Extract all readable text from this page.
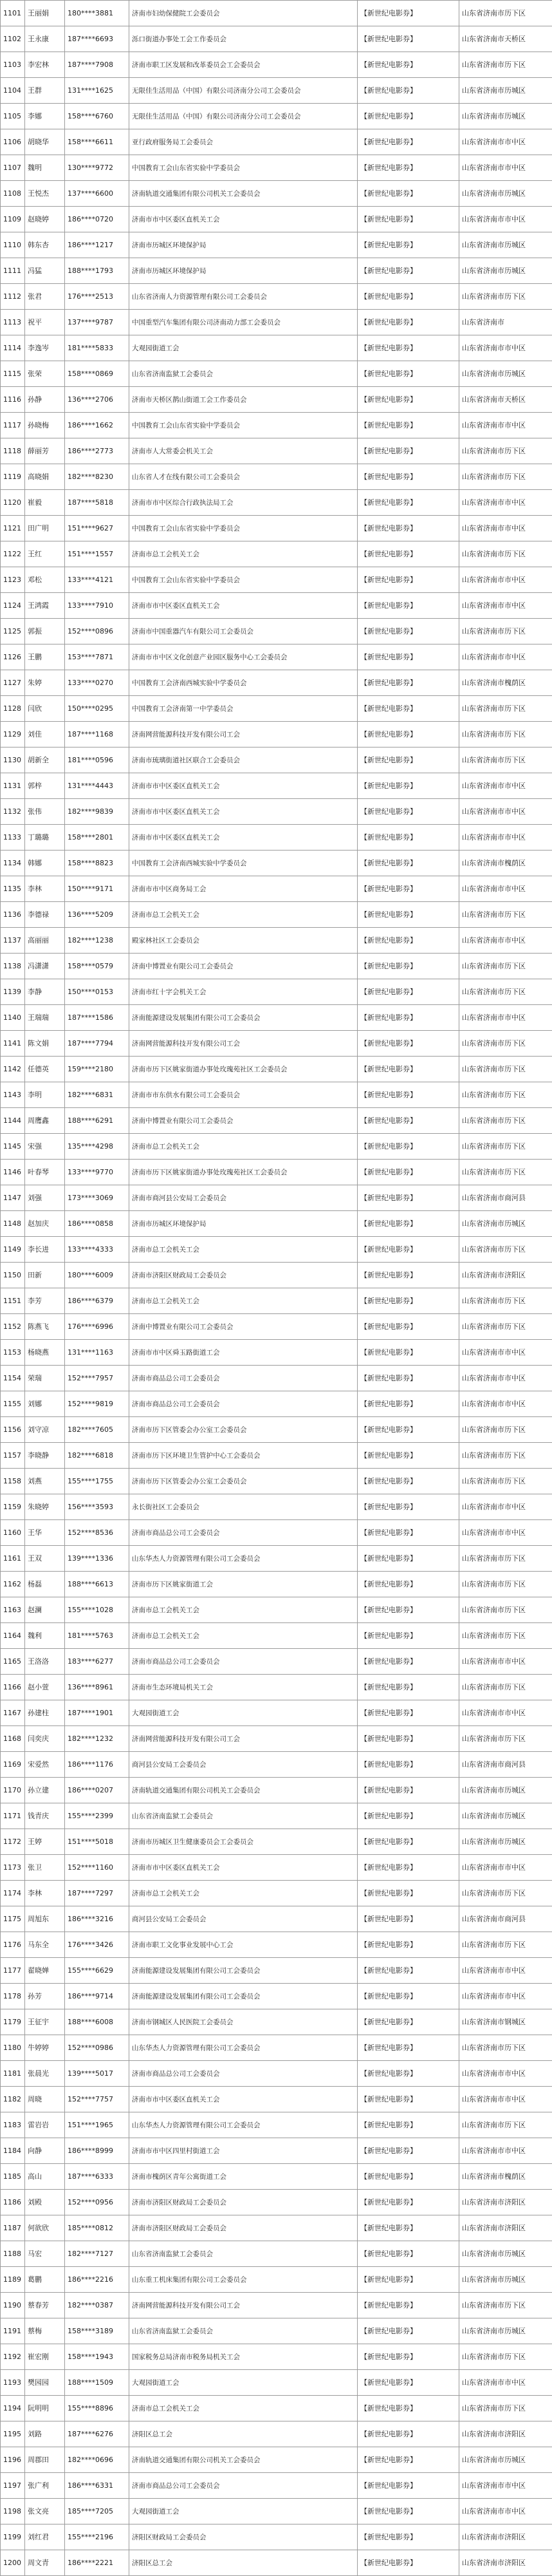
1101	王丽娟	180****3881	济南市妇幼保健院工会委员会	【新世纪电影券】	山东省济南市历下区
1102	王永康	187****6693	泺口街道办事处工会工作委员会	【新世纪电影券】	山东省济南市天桥区
1103	李宏林	187****7908	济南市职工区发展和改革委员会工会委员会	【新世纪电影券】	山东省济南市历下区
1104	王群	131****1625	无限佳生活用品（中国）有限公司济南分公司工会委员会	【新世纪电影券】	山东省济南市历城区
1105	李娜	158****6760	无限佳生活用品（中国）有限公司济南分公司工会委员会	【新世纪电影券】	山东省济南市历城区
1106	胡晓华	158****6611	亚行政府服务局工会委员会	【新世纪电影券】	山东省济南市市中区
1107	魏明	130****9772	中国教育工会山东省实验中学委员会	【新世纪电影券】	山东省济南市市中区
1108	王悦杰	137****6600	济南轨道交通集团有限公司机关工会委员会	【新世纪电影券】	山东省济南市历城区
1109	赵晓婷	186****0720	济南市市中区委区直机关工会	【新世纪电影券】	山东省济南市市中区
1110	韩东杏	186****1217	济南市历城区环境保护局	【新世纪电影券】	山东省济南市历城区
1111	冯猛	188****1793	济南市历城区环境保护局	【新世纪电影券】	山东省济南市历城区
1112	张君	176****2513	山东省济南人力资源管理有限公司工会委员会	【新世纪电影券】	山东省济南市历下区
1113	祝平	137****9787	中国重型汽车集团有限公司济南动力部工会委员会	【新世纪电影券】	山东省济南市
1114	李逸岑	181****5833	大观园街道工会	【新世纪电影券】	山东省济南市市中区
1115	张荣	158****0869	山东省济南监狱工会委员会	【新世纪电影券】	山东省济南市历城区
1116	孙静	136****2706	济南市天桥区鹊山街道工会工作委员会	【新世纪电影券】	山东省济南市天桥区
1117	孙晓梅	186****1662	中国教育工会山东省实验中学委员会	【新世纪电影券】	山东省济南市市中区
1118	薛丽芳	186****2773	济南市人大常委会机关工会	【新世纪电影券】	山东省济南市历下区
1119	高晓娟	182****8230	山东省人才在线有限公司工会委员会	【新世纪电影券】	山东省济南市历下区
1120	崔毅	187****5818	济南市市中区综合行政执法局工会	【新世纪电影券】	山东省济南市市中区
1121	田广明	151****9627	中国教育工会山东省实验中学委员会	【新世纪电影券】	山东省济南市市中区
1122	王红	151****1557	济南市总工会机关工会	【新世纪电影券】	山东省济南市历下区
1123	邓松	133****4121	中国教育工会山东省实验中学委员会	【新世纪电影券】	山东省济南市市中区
1124	王鸿霞	133****7910	济南市市中区委区直机关工会	【新世纪电影券】	山东省济南市市中区
1125	郭振	152****0896	济南市中国重器汽车有限公司工会委员会	【新世纪电影券】	山东省济南市历下区
1126	王鹏	153****7871	济南市市中区文化创意产业园区服务中心工会委员会	【新世纪电影券】	山东省济南市市中区
1127	朱婷	133****0270	中国教育工会济南西城实验中学委员会	【新世纪电影券】	山东省济南市槐荫区
1128	闫欣	150****0295	中国教育工会济南第一中学委员会	【新世纪电影券】	山东省济南市历下区
1129	刘佳	187****1168	济南网营能源科技开发有限公司工会	【新世纪电影券】	山东省济南市历下区
1130	胡新全	181****0596	济南市琉璃街道社区联合工会委员会	【新世纪电影券】	山东省济南市历下区
1131	郭梓	131****4443	济南市市中区委区直机关工会	【新世纪电影券】	山东省济南市市中区
1132	张伟	182****9839	济南市市中区委区直机关工会	【新世纪电影券】	山东省济南市市中区
1133	丁璐璐	158****2801	济南市市中区委区直机关工会	【新世纪电影券】	山东省济南市市中区
1134	韩娜	158****8823	中国教育工会济南西城实验中学委员会	【新世纪电影券】	山东省济南市槐荫区
1135	李林	150****9171	济南市市中区商务局工会	【新世纪电影券】	山东省济南市市中区
1136	李德禄	136****5209	济南市总工会机关工会	【新世纪电影券】	山东省济南市历下区
1137	高丽丽	182****1238	殿家林社区工会委员会	【新世纪电影券】	山东省济南市市中区
1138	冯潇潇	158****0579	济南中博置业有限公司工会委员会	【新世纪电影券】	山东省济南市历下区
1139	李静	150****0153	济南市红十字会机关工会	【新世纪电影券】	山东省济南市历下区
1140	王瑞瑞	187****1586	济南能源建设发展集团有限公司工会委员会	【新世纪电影券】	山东省济南市市中区
1141	陈文娟	187****7794	济南网营能源科技开发有限公司工会	【新世纪电影券】	山东省济南市历下区
1142	任德英	159****2180	济南市历下区姚家街道办事处玫瑰苑社区工会委员会	【新世纪电影券】	山东省济南市历下区
1143	李明	182****6831	济南市市东供水有限公司工会委员会	【新世纪电影券】	山东省济南市历下区
1144	周鹰鑫	188****6291	济南中博置业有限公司工会委员会	【新世纪电影券】	山东省济南市历下区
1145	宋强	135****4298	济南市总工会机关工会	【新世纪电影券】	山东省济南市历下区
1146	叶春琴	133****9770	济南市历下区姚家街道办事处玫瑰苑社区工会委员会	【新世纪电影券】	山东省济南市历下区
1147	刘强	173****3069	济南市商河县公安局工会委员会	【新世纪电影券】	山东省济南市商河县
1148	赵加庆	186****0858	济南市历城区环境保护局	【新世纪电影券】	山东省济南市历城区
1149	李长进	133****4333	济南市总工会机关工会	【新世纪电影券】	山东省济南市历下区
1150	田新	180****6009	济南市济阳区财政局工会委员会	【新世纪电影券】	山东省济南市济阳区
1151	李芳	186****6379	济南市总工会机关工会	【新世纪电影券】	山东省济南市历下区
1152	陈燕飞	176****6996	济南中博置业有限公司工会委员会	【新世纪电影券】	山东省济南市历下区
1153	杨晓燕	131****1163	济南市市中区舜玉路街道工会	【新世纪电影券】	山东省济南市市中区
1154	荣瑞	152****7957	济南市商品总公司工会委员会	【新世纪电影券】	山东省济南市市中区
1155	刘娜	152****9819	济南市商品总公司工会委员会	【新世纪电影券】	山东省济南市市中区
1156	刘守凉	182****7605	济南市历下区管委会办公室工会委员会	【新世纪电影券】	山东省济南市历下区
1157	李晓静	182****6818	济南市历下区环境卫生管护中心工会委员会	【新世纪电影券】	山东省济南市历下区
1158	刘燕	155****1755	济南市历下区管委会办公室工会委员会	【新世纪电影券】	山东省济南市历下区
1159	朱晓婷	156****3593	永长街社区工会委员会	【新世纪电影券】	山东省济南市市中区
1160	王华	152****8536	济南市商品总公司工会委员会	【新世纪电影券】	山东省济南市市中区
1161	王双	139****1336	山东华杰人力资源管理有限公司工会委员会	【新世纪电影券】	山东省济南市历下区
1162	杨磊	188****6613	济南市历下区姚家街道工会	【新世纪电影券】	山东省济南市历下区
1163	赵澜	155****1028	济南市总工会机关工会	【新世纪电影券】	山东省济南市历下区
1164	魏利	181****5763	济南市总工会机关工会	【新世纪电影券】	山东省济南市历下区
1165	王洛洛	183****6277	济南市商品总公司工会委员会	【新世纪电影券】	山东省济南市市中区
1166	赵小萱	136****8961	济南市生态环境局机关工会	【新世纪电影券】	山东省济南市历下区
1167	孙建柱	187****1901	大观园街道工会	【新世纪电影券】	山东省济南市市中区
1168	闫奕庆	182****1232	济南网营能源科技开发有限公司工会	【新世纪电影券】	山东省济南市历下区
1169	宋爱然	186****1176	商河县公安局工会委员会	【新世纪电影券】	山东省济南市商河县
1170	孙立建	186****0207	济南轨道交通集团有限公司机关工会委员会	【新世纪电影券】	山东省济南市历城区
1171	钱青庆	155****2399	山东省济南监狱工会委员会	【新世纪电影券】	山东省济南市历城区
1172	王婷	151****5018	济南市历城区卫生健康委员会工会委员会	【新世纪电影券】	山东省济南市历城区
1173	张卫	152****1160	济南市市中区委区直机关工会	【新世纪电影券】	山东省济南市市中区
1174	李林	187****7297	济南市总工会机关工会	【新世纪电影券】	山东省济南市历下区
1175	周旭东	186****3216	商河县公安局工会委员会	【新世纪电影券】	山东省济南市商河县
1176	马东全	176****3426	济南市职工文化事业发展中心工会	【新世纪电影券】	山东省济南市历下区
1177	翟晓婵	155****6629	济南能源建设发展集团有限公司工会委员会	【新世纪电影券】	山东省济南市市中区
1178	孙芳	186****9714	济南能源建设发展集团有限公司工会委员会	【新世纪电影券】	山东省济南市市中区
1179	王征宇	188****6008	济南市钢城区人民医院工会委员会	【新世纪电影券】	山东省济南市钢城区
1180	牛婷婷	152****0986	山东华杰人力资源管理有限公司工会委员会	【新世纪电影券】	山东省济南市历下区
1181	张晨光	139****5017	济南市商品总公司工会委员会	【新世纪电影券】	山东省济南市市中区
1182	周晓	152****7757	济南市市中区委区直机关工会	【新世纪电影券】	山东省济南市市中区
1183	雷岩岩	151****1965	山东华杰人力资源管理有限公司工会委员会	【新世纪电影券】	山东省济南市历下区
1184	向静	186****8999	济南市市中区四里村街道工会	【新世纪电影券】	山东省济南市市中区
1185	高山	187****6333	济南市槐荫区青年公寓街道工会	【新世纪电影券】	山东省济南市槐荫区
1186	刘殿	152****0956	济南市济阳区财政局工会委员会	【新世纪电影券】	山东省济南市济阳区
1187	何欲欣	185****0812	济南市济阳区财政局工会委员会	【新世纪电影券】	山东省济南市济阳区
1188	马宏	182****7127	山东省济南监狱工会委员会	【新世纪电影券】	山东省济南市历城区
1189	葛鹏	186****2216	山东重工机床集团有限公司工会委员会	【新世纪电影券】	山东省济南市历城区
1190	蔡春芳	182****0387	济南网营能源科技开发有限公司工会	【新世纪电影券】	山东省济南市历下区
1191	蔡梅	158****3189	山东省济南监狱工会委员会	【新世纪电影券】	山东省济南市历城区
1192	崔宏刚	158****1943	国家税务总局济南市税务局机关工会	【新世纪电影券】	山东省济南市历下区
1193	樊园园	188****1509	大观园街道工会	【新世纪电影券】	山东省济南市市中区
1194	阮明明	155****8896	济南市总工会机关工会	【新世纪电影券】	山东省济南市历下区
1195	刘路	187****6276	济阳区总工会	【新世纪电影券】	山东省济南市济阳区
1196	周郡田	182****0696	济南轨道交通集团有限公司机关工会委员会	【新世纪电影券】	山东省济南市历城区
1197	张广利	186****6331	济南市商品总公司工会委员会	【新世纪电影券】	山东省济南市市中区
1198	张文亮	185****7205	大观园街道工会	【新世纪电影券】	山东省济南市市中区
1199	刘红君	155****2196	济阳区财政局工会委员会	【新世纪电影券】	山东省济南市济阳区
1200	周文青	186****2221	济阳区总工会	【新世纪电影券】	山东省济南市济阳区
